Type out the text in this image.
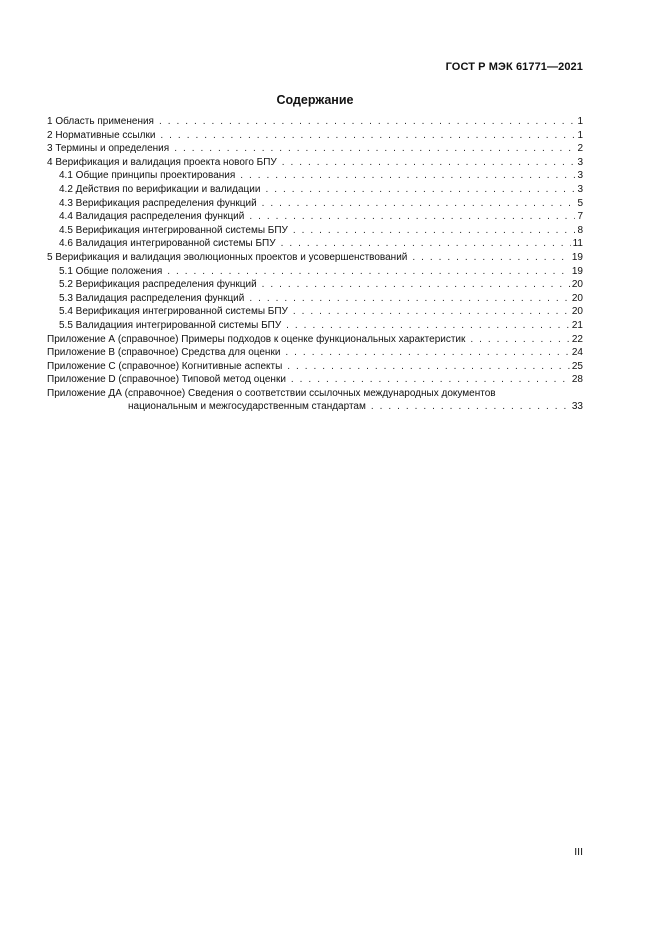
ГОСТ Р МЭК 61771—2021
Содержание
1 Область применения . . .	1
2 Нормативные ссылки . . .	1
3 Термины и определения . . .	2
4 Верификация и валидация проекта нового БПУ . . .	3
4.1 Общие принципы проектирования . . .	3
4.2 Действия по верификации и валидации . . .	3
4.3 Верификация распределения функций . . .	5
4.4 Валидация распределения функций . . .	7
4.5 Верификация интегрированной системы БПУ . . .	8
4.6 Валидация интегрированной системы БПУ . . .	11
5 Верификация и валидация эволюционных проектов и усовершенствований . . .	19
5.1 Общие положения . . .	19
5.2 Верификация распределения функций . . .	20
5.3 Валидация распределения функций . . .	20
5.4 Верификация интегрированной системы БПУ . . .	20
5.5 Валидациия интегрированной системы БПУ . . .	21
Приложение А (справочное) Примеры подходов к оценке функциональных характеристик . . .	22
Приложение В (справочное) Средства для оценки . . .	24
Приложение С (справочное) Когнитивные аспекты . . .	25
Приложение D (справочное) Типовой метод оценки . . .	28
Приложение ДА (справочное) Сведения о соответствии ссылочных международных документов
национальным и межгосударственным стандартам . . .	33
III
